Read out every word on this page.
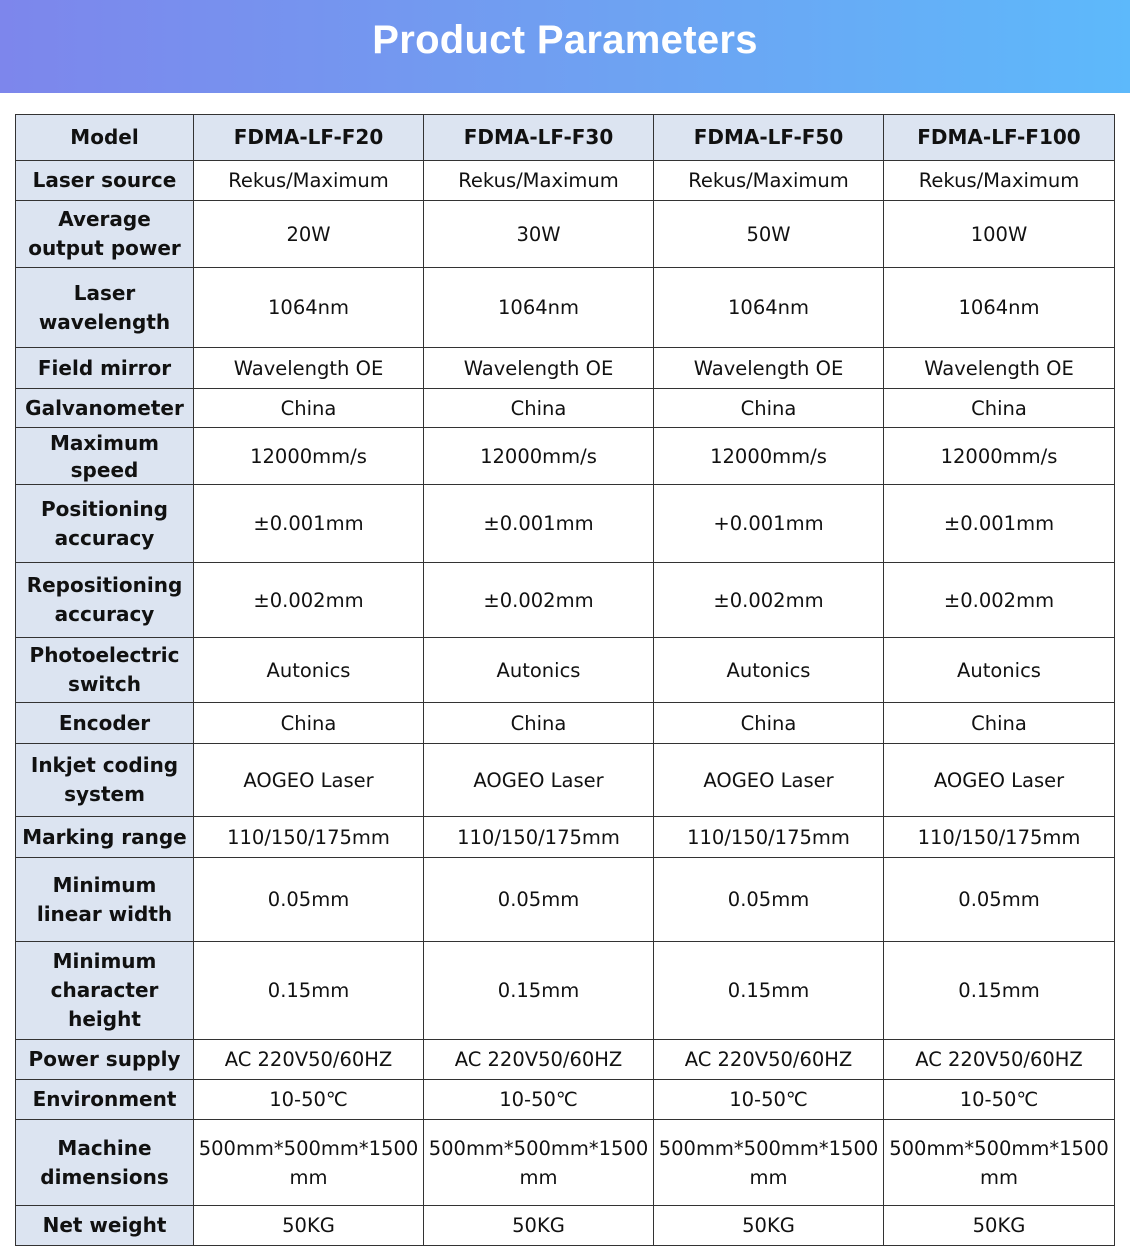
Product Parameters
Model	FDMA-LF-F20	FDMA-LF-F30	FDMA-LF-F50	FDMA-LF-F100
Laser source	Rekus/Maximum	Rekus/Maximum	Rekus/Maximum	Rekus/Maximum
Average output power	20W	30W	50W	100W
Laser wavelength	1064nm	1064nm	1064nm	1064nm
Field mirror	Wavelength OE	Wavelength OE	Wavelength OE	Wavelength OE
Galvanometer	China	China	China	China
Maximum speed	12000mm/s	12000mm/s	12000mm/s	12000mm/s
Positioning accuracy	±0.001mm	±0.001mm	+0.001mm	±0.001mm
Repositioning accuracy	±0.002mm	±0.002mm	±0.002mm	±0.002mm
Photoelectric switch	Autonics	Autonics	Autonics	Autonics
Encoder	China	China	China	China
Inkjet coding system	AOGEO Laser	AOGEO Laser	AOGEO Laser	AOGEO Laser
Marking range	110/150/175mm	110/150/175mm	110/150/175mm	110/150/175mm
Minimum linear width	0.05mm	0.05mm	0.05mm	0.05mm
Minimum character height	0.15mm	0.15mm	0.15mm	0.15mm
Power supply	AC 220V50/60HZ	AC 220V50/60HZ	AC 220V50/60HZ	AC 220V50/60HZ
Environment	10-50℃	10-50℃	10-50℃	10-50℃
Machine dimensions	500mm*500mm*1500 mm	500mm*500mm*1500 mm	500mm*500mm*1500 mm	500mm*500mm*1500 mm
Net weight	50KG	50KG	50KG	50KG
